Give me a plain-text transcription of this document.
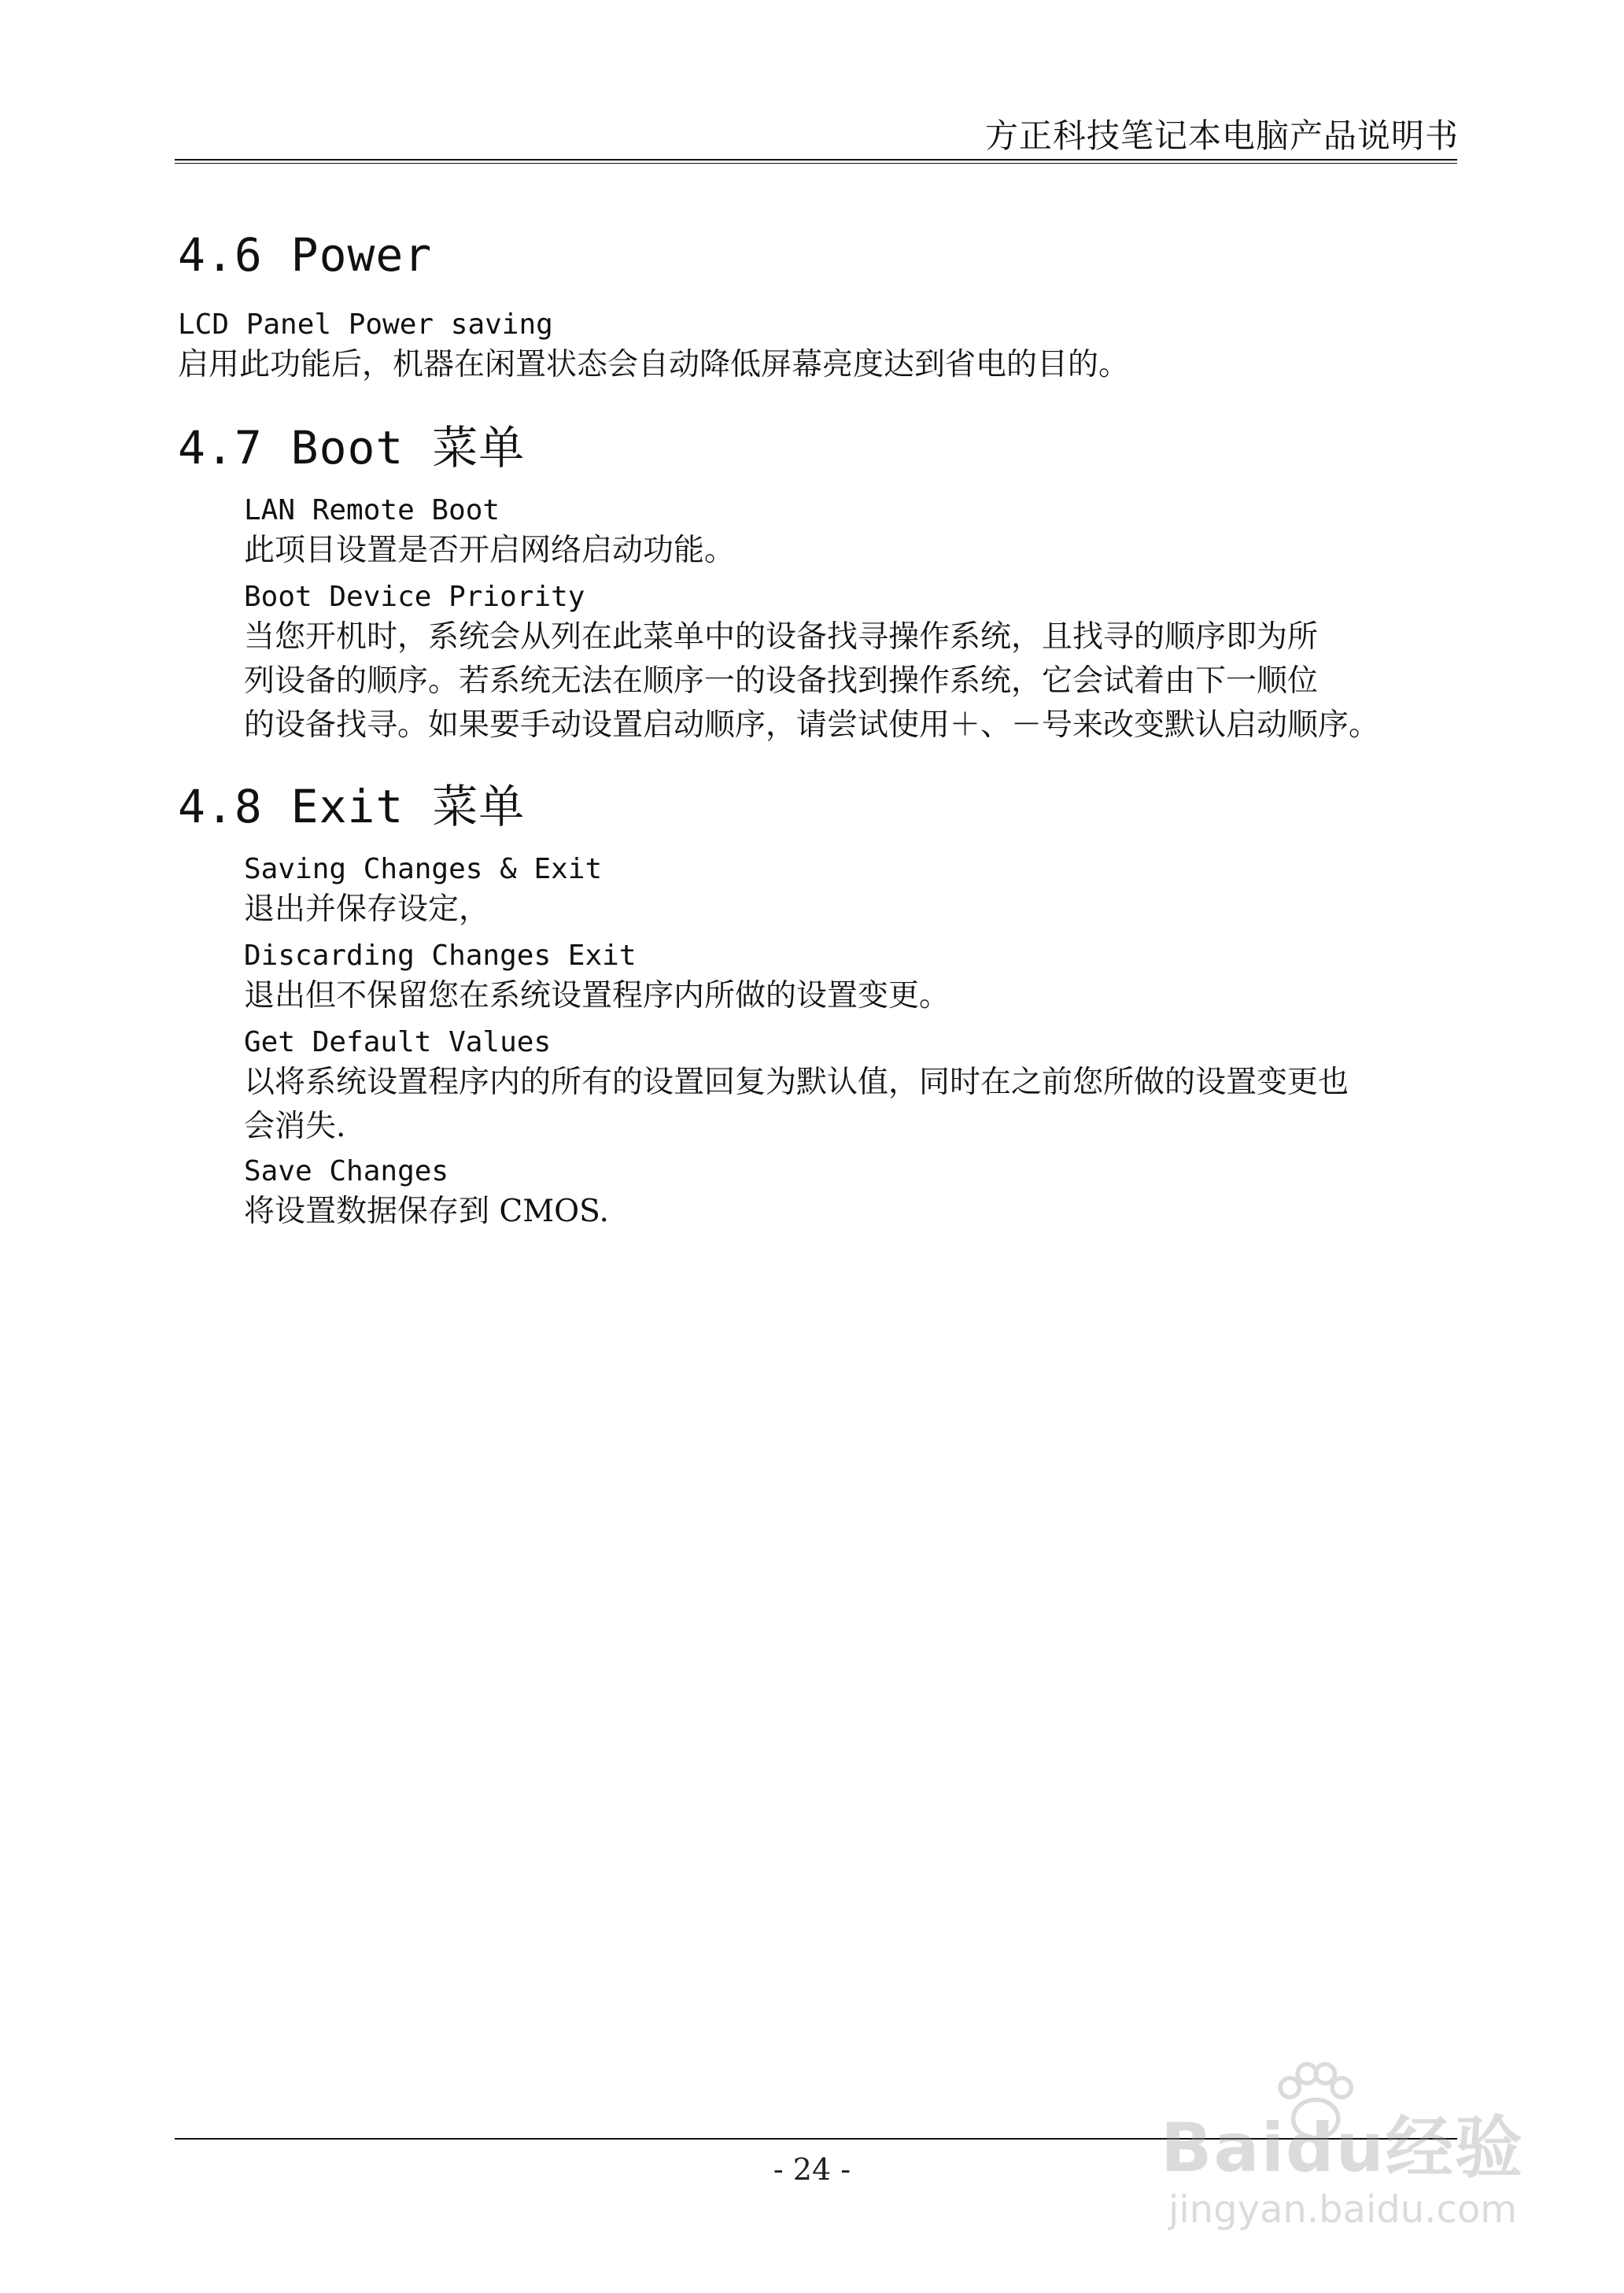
方正科技笔记本电脑产品说明书
4.6 Power
LCD Panel Power saving
启用此功能后，机器在闲置状态会自动降低屏幕亮度达到省电的目的。
4.7 Boot 菜单
LAN Remote Boot
此项目设置是否开启网络启动功能。
Boot Device Priority
当您开机时，系统会从列在此菜单中的设备找寻操作系统，且找寻的顺序即为所
列设备的顺序。若系统无法在顺序一的设备找到操作系统，它会试着由下一顺位
的设备找寻。如果要手动设置启动顺序，请尝试使用＋、－号来改变默认启动顺序。
4.8 Exit 菜单
Saving Changes & Exit
退出并保存设定，
Discarding Changes Exit
退出但不保留您在系统设置程序内所做的设置变更。
Get Default Values
以将系统设置程序内的所有的设置回复为默认值，同时在之前您所做的设置变更也
会消失.
Save Changes
将设置数据保存到 CMOS.
- 24 -	Baidu经验
jingyan.baidu.com
